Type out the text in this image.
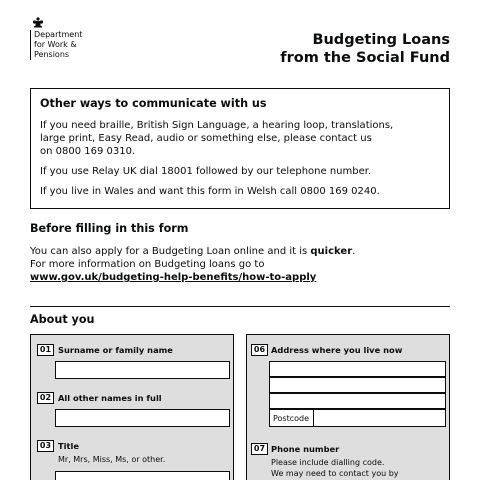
Department
for Work &
Pensions
Budgeting Loans
from the Social Fund
Other ways to communicate with us
If you need braille, British Sign Language, a hearing loop, translations,
large print, Easy Read, audio or something else, please contact us
on 0800 169 0310.
If you use Relay UK dial 18001 followed by our telephone number.
If you live in Wales and want this form in Welsh call 0800 169 0240.
Before filling in this form
You can also apply for a Budgeting Loan online and it is quicker.
For more information on Budgeting loans go to
www.gov.uk/budgeting-help-benefits/how-to-apply
About you
01 Surname or family name
02 All other names in full
03 Title
Mr, Mrs, Miss, Ms, or other.
06 Address where you live now
Postcode
07 Phone number
Please include dialling code.
We may need to contact you by
